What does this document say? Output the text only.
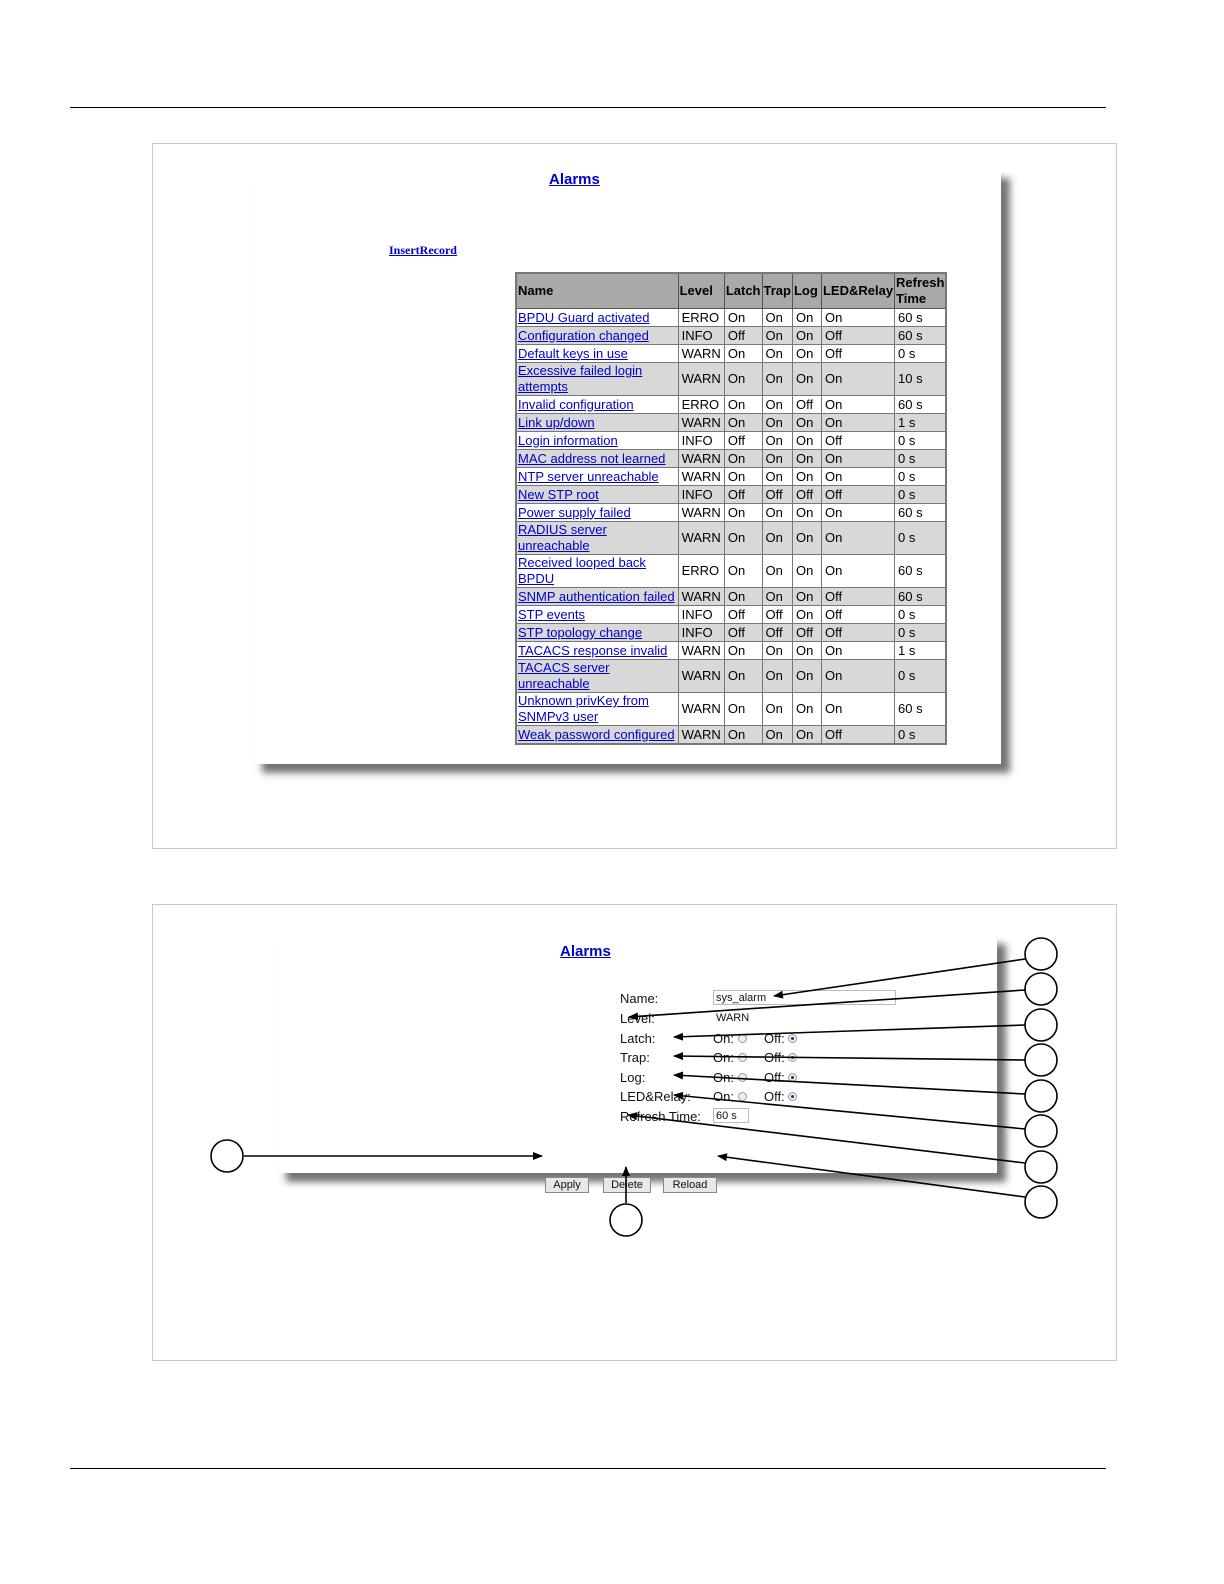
Alarms
InsertRecord
Name	Level	Latch	Trap	Log	LED&Relay	Refresh Time
BPDU Guard activated	ERRO	On	On	On	On	60 s
Configuration changed	INFO	Off	On	On	Off	60 s
Default keys in use	WARN	On	On	On	Off	0 s
Excessive failed login attempts	WARN	On	On	On	On	10 s
Invalid configuration	ERRO	On	On	Off	On	60 s
Link up/down	WARN	On	On	On	On	1 s
Login information	INFO	Off	On	On	Off	0 s
MAC address not learned	WARN	On	On	On	On	0 s
NTP server unreachable	WARN	On	On	On	On	0 s
New STP root	INFO	Off	Off	Off	Off	0 s
Power supply failed	WARN	On	On	On	On	60 s
RADIUS server unreachable	WARN	On	On	On	On	0 s
Received looped back BPDU	ERRO	On	On	On	On	60 s
SNMP authentication failed	WARN	On	On	On	Off	60 s
STP events	INFO	Off	Off	On	Off	0 s
STP topology change	INFO	Off	Off	Off	Off	0 s
TACACS response invalid	WARN	On	On	On	On	1 s
TACACS server unreachable	WARN	On	On	On	On	0 s
Unknown privKey from SNMPv3 user	WARN	On	On	On	On	60 s
Weak password configured	WARN	On	On	On	Off	0 s
Alarms
Name:	sys_alarm
Level:	WARN
Latch:	On: Off:
Trap:	On: Off:
Log:	On: Off:
LED&Relay: On: Off:
Refresh Time: 60 s
Apply	Delete	Reload
